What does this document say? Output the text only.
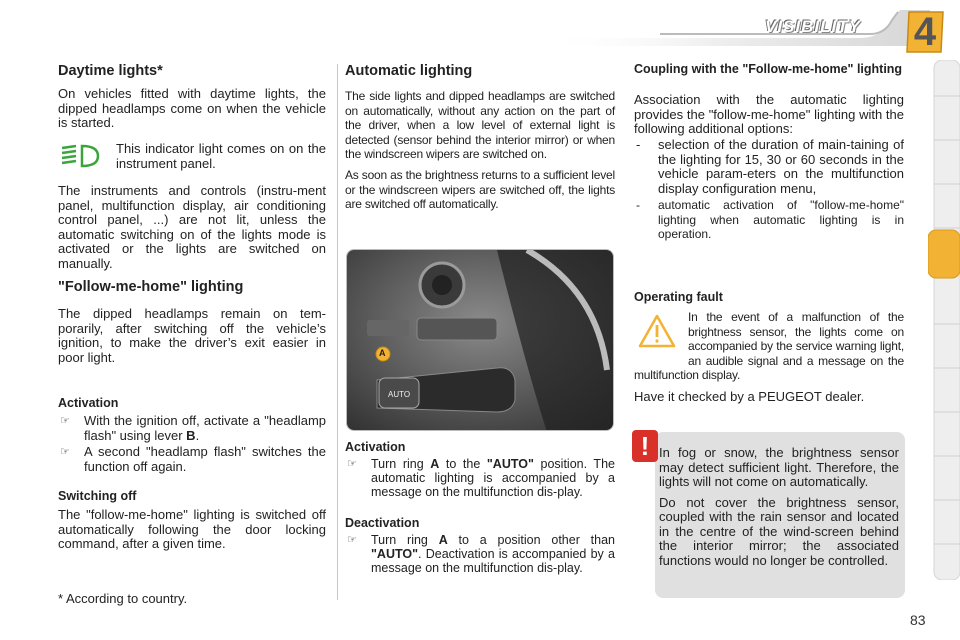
VISIBILITY 4
Daytime lights*

On vehicles fitted with daytime lights, the dipped headlamps come on when the vehicle is started.

This indicator light comes on on the instrument panel.

The instruments and controls (instru-ment panel, multifunction display, air conditioning control panel, ...) are not lit, unless the automatic switching on of the lights mode is activated or the lights are switched on manually.

"Follow-me-home" lighting

The dipped headlamps remain on tem-porarily, after switching off the vehicle’s ignition, to make the driver’s exit easier in poor light.

Activation
☞ With the ignition off, activate a "headlamp flash" using lever B.
☞ A second "headlamp flash" switches the function off again.
Switching off

The "follow-me-home" lighting is switched off automatically following the door locking command, after a given time.

* According to country.

Automatic lighting

The side lights and dipped headlamps are switched on automatically, without any action on the part of the driver, when a low level of external light is detected (sensor behind the interior mirror) or when the windscreen wipers are switched on.

As soon as the brightness returns to a sufficient level or the windscreen wipers are switched off, the lights are switched off automatically.

A
AUTO
Activation
☞ Turn ring A to the "AUTO" position. The automatic lighting is accompanied by a message on the multifunction dis-play.
Deactivation
☞ Turn ring A to a position other than "AUTO". Deactivation is accompanied by a message on the multifunction dis-play.
Coupling with the "Follow-me-home" lighting

Association with the automatic lighting provides the "follow-me-home" lighting with the following additional options:

- selection of the duration of main-taining of the lighting for 15, 30 or 60 seconds in the vehicle param-eters on the multifunction display configuration menu,
- automatic activation of "follow-me-home" lighting when automatic lighting is in operation.
Operating fault

In the event of a malfunction of the brightness sensor, the lights come on accompanied by the service warning light, an audible signal and a message on the multifunction display.

Have it checked by a PEUGEOT dealer.

In fog or snow, the brightness sensor may detect sufficient light. Therefore, the lights will not come on automatically.

Do not cover the brightness sensor, coupled with the rain sensor and located in the centre of the wind-screen behind the interior mirror; the associated functions would no longer be controlled.

!
83
